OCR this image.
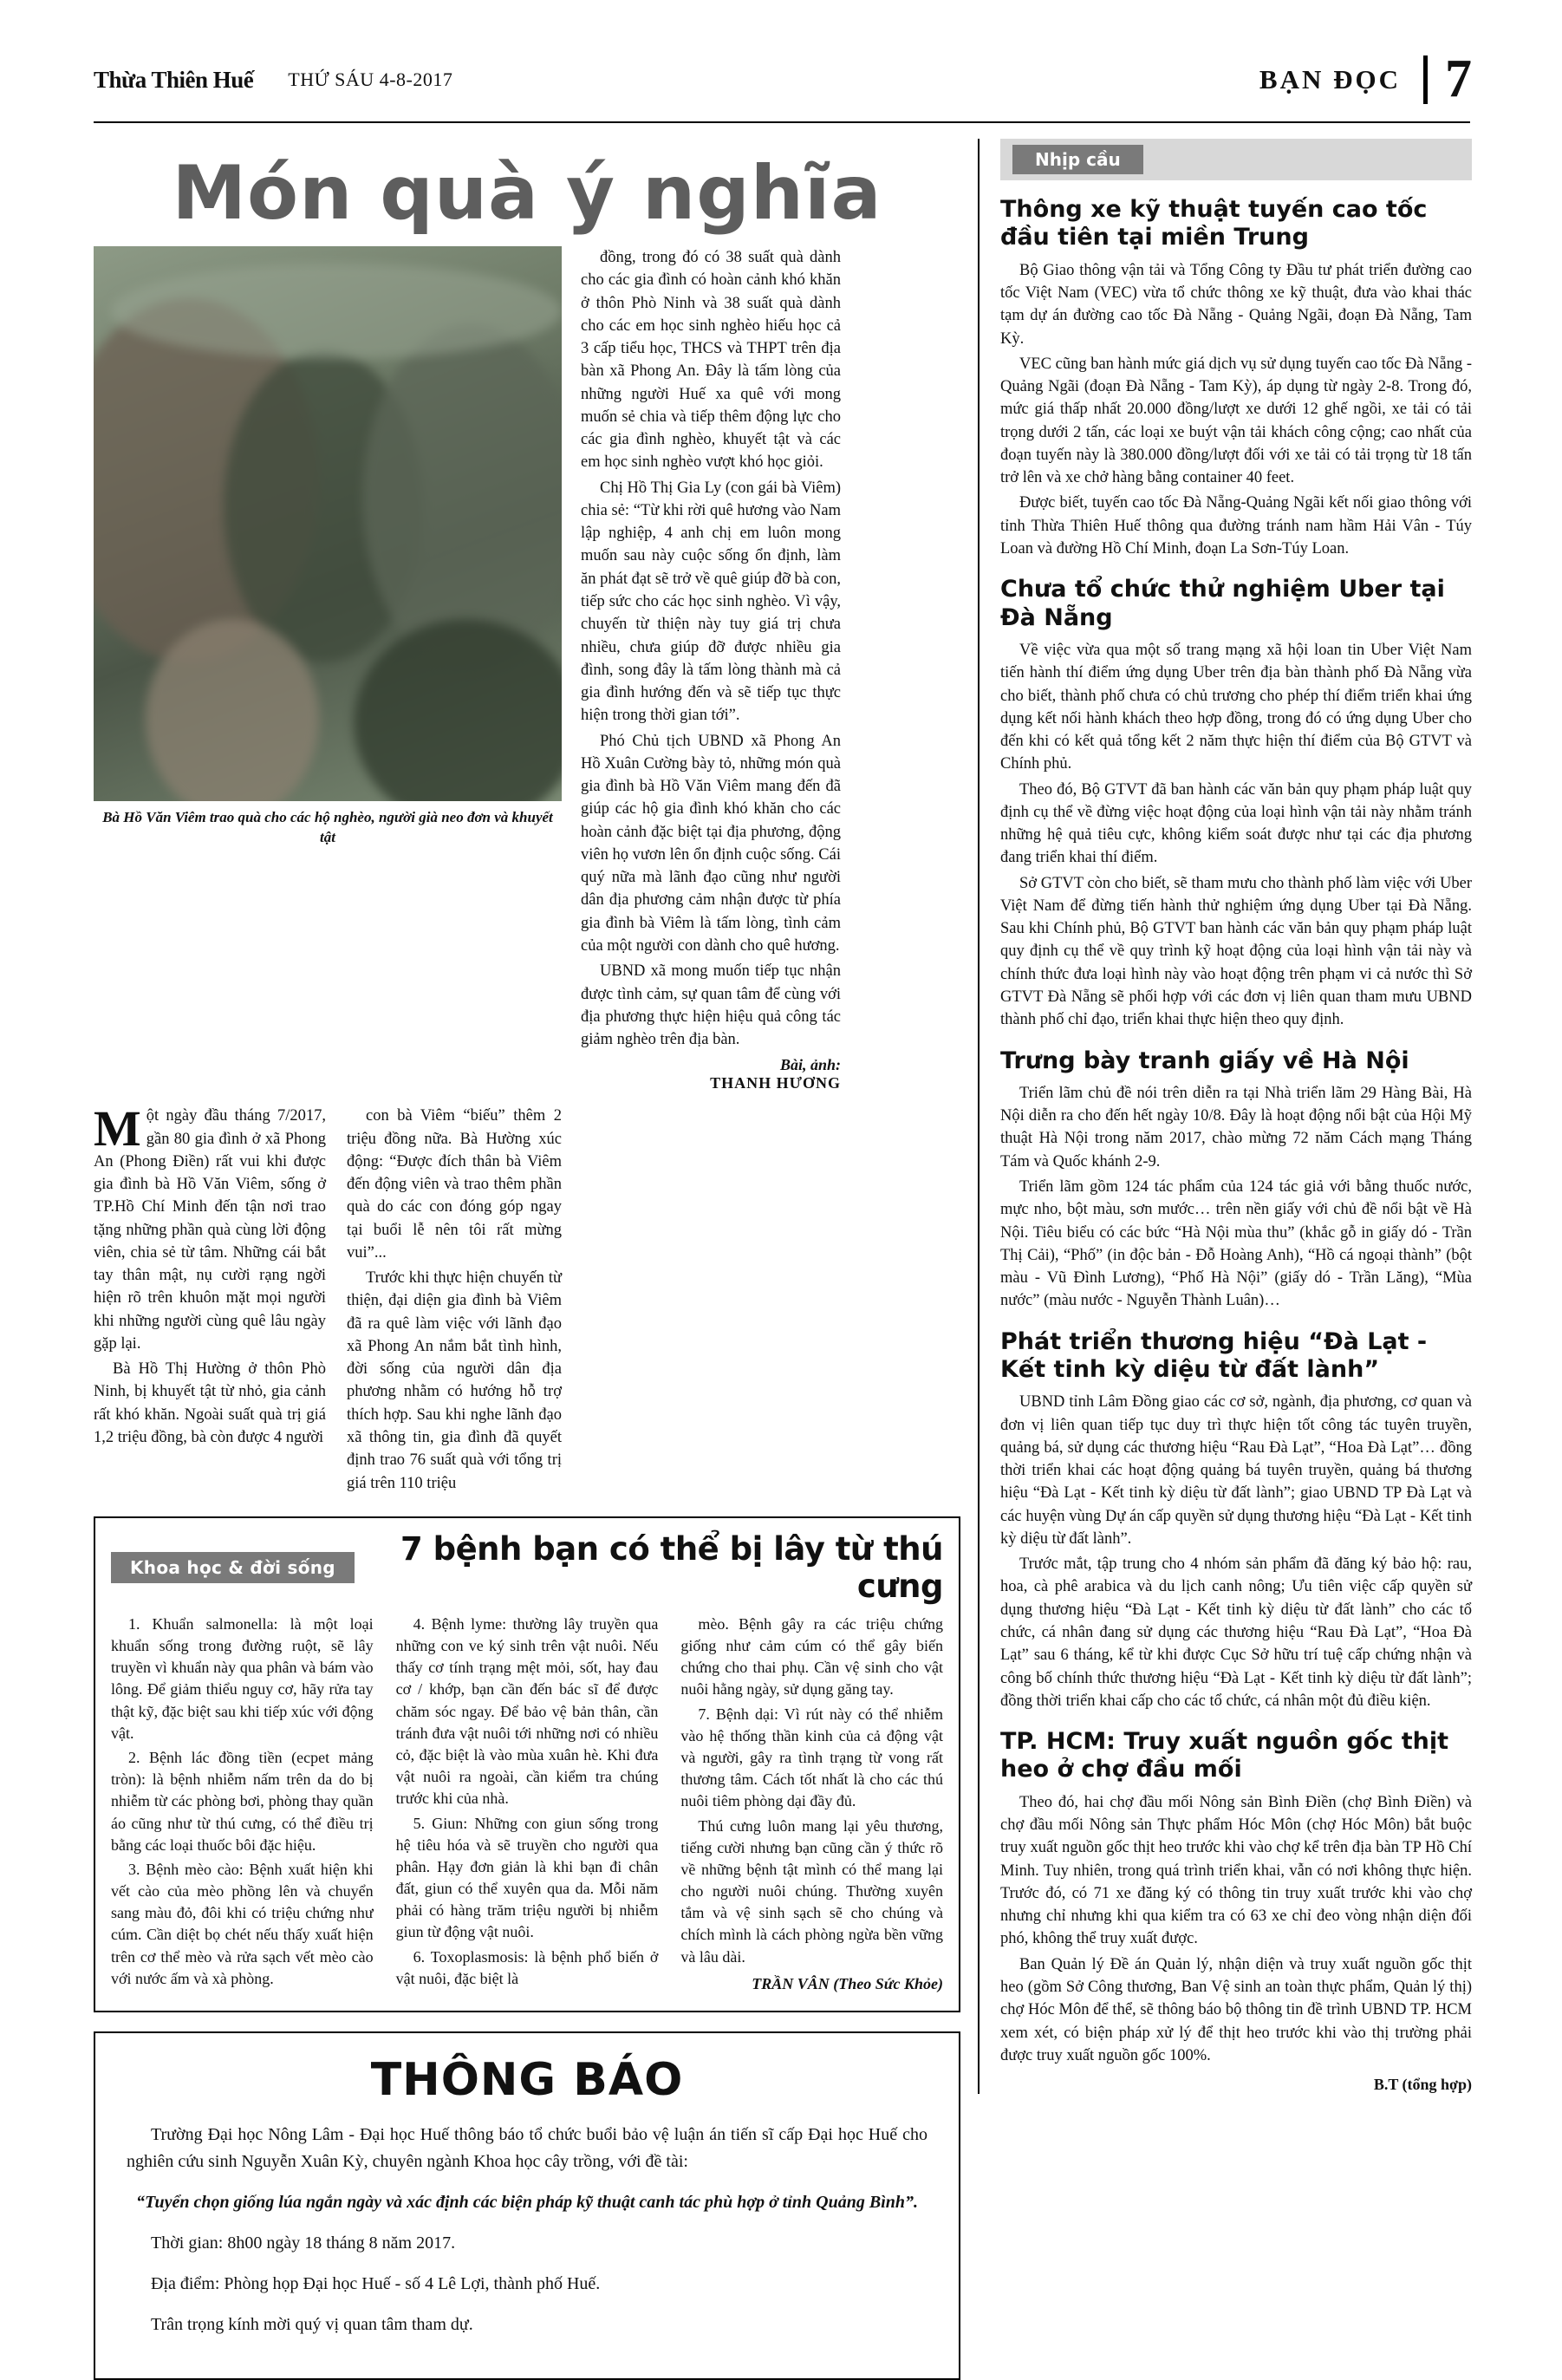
Thừa Thiên Huế THỨ SÁU 4-8-2017	BẠN ĐỌC 7
Món quà ý nghĩa
Bà Hồ Văn Viêm trao quà cho các hộ nghèo, người già neo đơn và khuyết tật

đồng, trong đó có 38 suất quà dành cho các gia đình có hoàn cảnh khó khăn ở thôn Phò Ninh và 38 suất quà dành cho các em học sinh nghèo hiếu học cả 3 cấp tiểu học, THCS và THPT trên địa bàn xã Phong An. Đây là tấm lòng của những người Huế xa quê với mong muốn sẻ chia và tiếp thêm động lực cho các gia đình nghèo, khuyết tật và các em học sinh nghèo vượt khó học giỏi.

Chị Hồ Thị Gia Ly (con gái bà Viêm) chia sẻ: “Từ khi rời quê hương vào Nam lập nghiệp, 4 anh chị em luôn mong muốn sau này cuộc sống ổn định, làm ăn phát đạt sẽ trở về quê giúp đỡ bà con, tiếp sức cho các học sinh nghèo. Vì vậy, chuyến từ thiện này tuy giá trị chưa nhiều, chưa giúp đỡ được nhiều gia đình, song đây là tấm lòng thành mà cả gia đình hướng đến và sẽ tiếp tục thực hiện trong thời gian tới”.

Phó Chủ tịch UBND xã Phong An Hồ Xuân Cường bày tỏ, những món quà gia đình bà Hồ Văn Viêm mang đến đã giúp các hộ gia đình khó khăn cho các hoàn cảnh đặc biệt tại địa phương, động viên họ vươn lên ổn định cuộc sống. Cái quý nữa mà lãnh đạo cũng như người dân địa phương cảm nhận được từ phía gia đình bà Viêm là tấm lòng, tình cảm của một người con dành cho quê hương.

UBND xã mong muốn tiếp tục nhận được tình cảm, sự quan tâm để cùng với địa phương thực hiện hiệu quả công tác giảm nghèo trên địa bàn.

Bài, ảnh:
THANH HƯƠNG

Một ngày đầu tháng 7/2017, gần 80 gia đình ở xã Phong An (Phong Điền) rất vui khi được gia đình bà Hồ Văn Viêm, sống ở TP.Hồ Chí Minh đến tận nơi trao tặng những phần quà cùng lời động viên, chia sẻ từ tâm. Những cái bắt tay thân mật, nụ cười rạng ngời hiện rõ trên khuôn mặt mọi người khi những người cùng quê lâu ngày gặp lại.

Bà Hồ Thị Hường ở thôn Phò Ninh, bị khuyết tật từ nhỏ, gia cảnh rất khó khăn. Ngoài suất quà trị giá 1,2 triệu đồng, bà còn được 4 người

con bà Viêm “biếu” thêm 2 triệu đồng nữa. Bà Hường xúc động: “Được đích thân bà Viêm đến động viên và trao thêm phần quà do các con đóng góp ngay tại buổi lễ nên tôi rất mừng vui”...

Trước khi thực hiện chuyến từ thiện, đại diện gia đình bà Viêm đã ra quê làm việc với lãnh đạo xã Phong An nắm bắt tình hình, đời sống của người dân địa phương nhằm có hướng hỗ trợ thích hợp. Sau khi nghe lãnh đạo xã thông tin, gia đình đã quyết định trao 76 suất quà với tổng trị giá trên 110 triệu

Khoa học & đời sống	7 bệnh bạn có thể bị lây từ thú cưng

1. Khuẩn salmonella: là một loại khuẩn sống trong đường ruột, sẽ lây truyền vì khuẩn này qua phân và bám vào lông. Để giảm thiểu nguy cơ, hãy rửa tay thật kỹ, đặc biệt sau khi tiếp xúc với động vật.

2. Bệnh lác đồng tiền (ecpet mảng tròn): là bệnh nhiễm nấm trên da do bị nhiễm từ các phòng bơi, phòng thay quần áo cũng như từ thú cưng, có thể điều trị bằng các loại thuốc bôi đặc hiệu.

3. Bệnh mèo cào: Bệnh xuất hiện khi vết cào của mèo phồng lên và chuyển sang màu đỏ, đôi khi có triệu chứng như cúm. Cần diệt bọ chét nếu thấy xuất hiện trên cơ thể mèo và rửa sạch vết mèo cào với nước ấm và xà phòng.

4. Bệnh lyme: thường lây truyền qua những con ve ký sinh trên vật nuôi. Nếu thấy cơ tính trạng mệt mỏi, sốt, hay đau cơ / khớp, bạn cần đến bác sĩ để được chăm sóc ngay. Để bảo vệ bản thân, cần tránh đưa vật nuôi tới những nơi có nhiều cỏ, đặc biệt là vào mùa xuân hè. Khi đưa vật nuôi ra ngoài, cần kiểm tra chúng trước khi của nhà.

5. Giun: Những con giun sống trong hệ tiêu hóa và sẽ truyền cho người qua phân. Hạy đơn giản là khi bạn đi chân đất, giun có thể xuyên qua da. Mỗi năm phải có hàng trăm triệu người bị nhiễm giun từ động vật nuôi.

6. Toxoplasmosis: là bệnh phổ biến ở vật nuôi, đặc biệt là

mèo. Bệnh gây ra các triệu chứng giống như cảm cúm có thể gây biến chứng cho thai phụ. Cần vệ sinh cho vật nuôi hằng ngày, sử dụng găng tay.

7. Bệnh dại: Vì rút này có thể nhiễm vào hệ thống thần kinh của cả động vật và người, gây ra tình trạng từ vong rất thương tâm. Cách tốt nhất là cho các thú nuôi tiêm phòng dại đầy đủ.

Thú cưng luôn mang lại yêu thương, tiếng cười nhưng bạn cũng cần ý thức rõ về những bệnh tật mình có thể mang lại cho người nuôi chúng. Thường xuyên tắm và vệ sinh sạch sẽ cho chúng và chích mình là cách phòng ngừa bền vững và lâu dài.

TRẦN VÂN (Theo Sức Khỏe)
THÔNG BÁO

Trường Đại học Nông Lâm - Đại học Huế thông báo tổ chức buổi bảo vệ luận án tiến sĩ cấp Đại học Huế cho nghiên cứu sinh Nguyễn Xuân Kỳ, chuyên ngành Khoa học cây trồng, với đề tài:

“Tuyển chọn giống lúa ngắn ngày và xác định các biện pháp kỹ thuật canh tác phù hợp ở tỉnh Quảng Bình”.

Thời gian: 8h00 ngày 18 tháng 8 năm 2017.

Địa điểm: Phòng họp Đại học Huế - số 4 Lê Lợi, thành phố Huế.

Trân trọng kính mời quý vị quan tâm tham dự.

Nhịp cầu
Thông xe kỹ thuật tuyến cao tốc đầu tiên tại miền Trung

Bộ Giao thông vận tải và Tổng Công ty Đầu tư phát triển đường cao tốc Việt Nam (VEC) vừa tổ chức thông xe kỹ thuật, đưa vào khai thác tạm dự án đường cao tốc Đà Nẵng - Quảng Ngãi, đoạn Đà Nẵng, Tam Kỳ.

VEC cũng ban hành mức giá dịch vụ sử dụng tuyến cao tốc Đà Nẵng - Quảng Ngãi (đoạn Đà Nẵng - Tam Kỳ), áp dụng từ ngày 2-8. Trong đó, mức giá thấp nhất 20.000 đồng/lượt xe dưới 12 ghế ngồi, xe tải có tải trọng dưới 2 tấn, các loại xe buýt vận tải khách công cộng; cao nhất của đoạn tuyến này là 380.000 đồng/lượt đối với xe tải có tải trọng từ 18 tấn trở lên và xe chở hàng bằng container 40 feet.

Được biết, tuyến cao tốc Đà Nẵng-Quảng Ngãi kết nối giao thông với tỉnh Thừa Thiên Huế thông qua đường tránh nam hầm Hải Vân - Túy Loan và đường Hồ Chí Minh, đoạn La Sơn-Túy Loan.

Chưa tổ chức thử nghiệm Uber tại Đà Nẵng

Về việc vừa qua một số trang mạng xã hội loan tin Uber Việt Nam tiến hành thí điểm ứng dụng Uber trên địa bàn thành phố Đà Nẵng vừa cho biết, thành phố chưa có chủ trương cho phép thí điểm triển khai ứng dụng kết nối hành khách theo hợp đồng, trong đó có ứng dụng Uber cho đến khi có kết quả tổng kết 2 năm thực hiện thí điểm của Bộ GTVT và Chính phủ.

Theo đó, Bộ GTVT đã ban hành các văn bản quy phạm pháp luật quy định cụ thể về đừng việc hoạt động của loại hình vận tải này nhằm tránh những hệ quả tiêu cực, không kiểm soát được như tại các địa phương đang triển khai thí điểm.

Sở GTVT còn cho biết, sẽ tham mưu cho thành phố làm việc với Uber Việt Nam để đừng tiến hành thử nghiệm ứng dụng Uber tại Đà Nẵng. Sau khi Chính phủ, Bộ GTVT ban hành các văn bản quy phạm pháp luật quy định cụ thể về quy trình kỹ hoạt động của loại hình vận tải này và chính thức đưa loại hình này vào hoạt động trên phạm vi cả nước thì Sở GTVT Đà Nẵng sẽ phối hợp với các đơn vị liên quan tham mưu UBND thành phố chỉ đạo, triển khai thực hiện theo quy định.

Trưng bày tranh giấy về Hà Nội

Triển lãm chủ đề nói trên diễn ra tại Nhà triển lãm 29 Hàng Bài, Hà Nội diễn ra cho đến hết ngày 10/8. Đây là hoạt động nổi bật của Hội Mỹ thuật Hà Nội trong năm 2017, chào mừng 72 năm Cách mạng Tháng Tám và Quốc khánh 2-9.

Triển lãm gồm 124 tác phẩm của 124 tác giả với bằng thuốc nước, mực nho, bột màu, sơn mước… trên nền giấy với chủ đề nổi bật về Hà Nội. Tiêu biểu có các bức “Hà Nội mùa thu” (khắc gỗ in giấy dó - Trần Thị Cải), “Phố” (in độc bản - Đỗ Hoàng Anh), “Hồ cá ngoại thành” (bột màu - Vũ Đình Lương), “Phố Hà Nội” (giấy dó - Trần Lăng), “Mùa nước” (màu nước - Nguyễn Thành Luân)…

Phát triển thương hiệu “Đà Lạt - Kết tinh kỳ diệu từ đất lành”

UBND tỉnh Lâm Đồng giao các cơ sở, ngành, địa phương, cơ quan và đơn vị liên quan tiếp tục duy trì thực hiện tốt công tác tuyên truyền, quảng bá, sử dụng các thương hiệu “Rau Đà Lạt”, “Hoa Đà Lạt”… đồng thời triển khai các hoạt động quảng bá tuyên truyền, quảng bá thương hiệu “Đà Lạt - Kết tinh kỳ diệu từ đất lành”; giao UBND TP Đà Lạt và các huyện vùng Dự án cấp quyền sử dụng thương hiệu “Đà Lạt - Kết tinh kỳ diệu từ đất lành”.

Trước mắt, tập trung cho 4 nhóm sản phẩm đã đăng ký bảo hộ: rau, hoa, cà phê arabica và du lịch canh nông; Ưu tiên việc cấp quyền sử dụng thương hiệu “Đà Lạt - Kết tinh kỳ diệu từ đất lành” cho các tổ chức, cá nhân đang sử dụng các thương hiệu “Rau Đà Lạt”, “Hoa Đà Lạt” sau 6 tháng, kể từ khi được Cục Sở hữu trí tuệ cấp chứng nhận và công bố chính thức thương hiệu “Đà Lạt - Kết tinh kỳ diệu từ đất lành”; đồng thời triển khai cấp cho các tổ chức, cá nhân một đủ điều kiện.

TP. HCM: Truy xuất nguồn gốc thịt heo ở chợ đầu mối

Theo đó, hai chợ đầu mối Nông sản Bình Điền (chợ Bình Điền) và chợ đầu mối Nông sản Thực phẩm Hóc Môn (chợ Hóc Môn) bắt buộc truy xuất nguồn gốc thịt heo trước khi vào chợ kể trên địa bàn TP Hồ Chí Minh. Tuy nhiên, trong quá trình triển khai, vẫn có nơi không thực hiện. Trước đó, có 71 xe đăng ký có thông tin truy xuất trước khi vào chợ nhưng chỉ nhưng khi qua kiểm tra có 63 xe chỉ đeo vòng nhận diện đối phó, không thể truy xuất được.

Ban Quản lý Đề án Quản lý, nhận diện và truy xuất nguồn gốc thịt heo (gồm Sở Công thương, Ban Vệ sinh an toàn thực phẩm, Quản lý thị) chợ Hóc Môn để thể, sẽ thông báo bộ thông tin đề trình UBND TP. HCM xem xét, có biện pháp xử lý để thịt heo trước khi vào thị trường phải được truy xuất nguồn gốc 100%.

B.T (tổng hợp)
